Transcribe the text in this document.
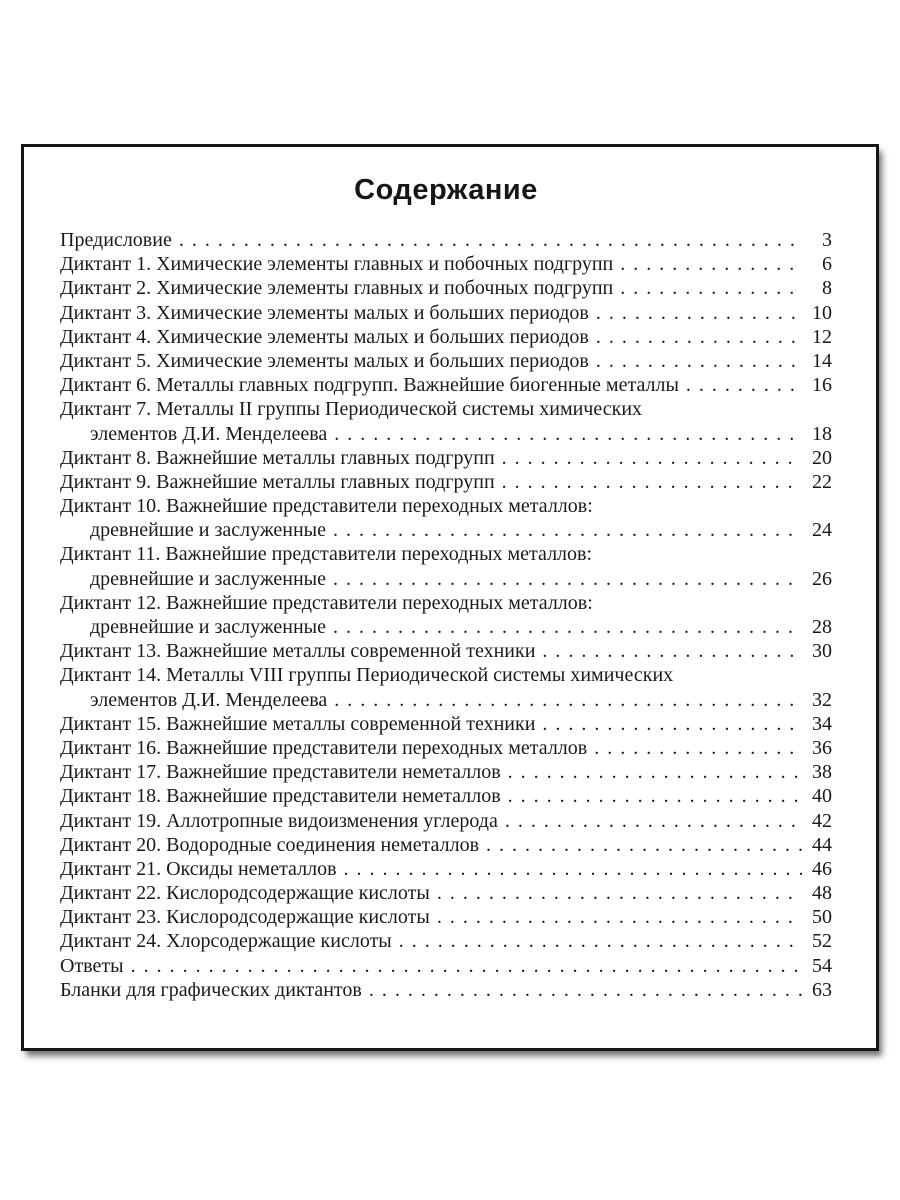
Содержание
Предисловие . . .	3
Диктант 1. Химические элементы главных и побочных подгрупп . . .	6
Диктант 2. Химические элементы главных и побочных подгрупп . . .	8
Диктант 3. Химические элементы малых и больших периодов . . .	10
Диктант 4. Химические элементы малых и больших периодов . . .	12
Диктант 5. Химические элементы малых и больших периодов . . .	14
Диктант 6. Металлы главных подгрупп. Важнейшие биогенные металлы . . .	16
Диктант 7. Металлы II группы Периодической системы химических
элементов Д.И. Менделеева . . .	18
Диктант 8. Важнейшие металлы главных подгрупп . . .	20
Диктант 9. Важнейшие металлы главных подгрупп . . .	22
Диктант 10. Важнейшие представители переходных металлов:
древнейшие и заслуженные . . .	24
Диктант 11. Важнейшие представители переходных металлов:
древнейшие и заслуженные . . .	26
Диктант 12. Важнейшие представители переходных металлов:
древнейшие и заслуженные . . .	28
Диктант 13. Важнейшие металлы современной техники . . .	30
Диктант 14. Металлы VIII группы Периодической системы химических
элементов Д.И. Менделеева . . .	32
Диктант 15. Важнейшие металлы современной техники . . .	34
Диктант 16. Важнейшие представители переходных металлов . . .	36
Диктант 17. Важнейшие представители неметаллов . . .	38
Диктант 18. Важнейшие представители неметаллов . . .	40
Диктант 19. Аллотропные видоизменения углерода . . .	42
Диктант 20. Водородные соединения неметаллов . . .	44
Диктант 21. Оксиды неметаллов . . .	46
Диктант 22. Кислородсодержащие кислоты . . .	48
Диктант 23. Кислородсодержащие кислоты . . .	50
Диктант 24. Хлорсодержащие кислоты . . .	52
Ответы . . .	54
Бланки для графических диктантов . . .	63
